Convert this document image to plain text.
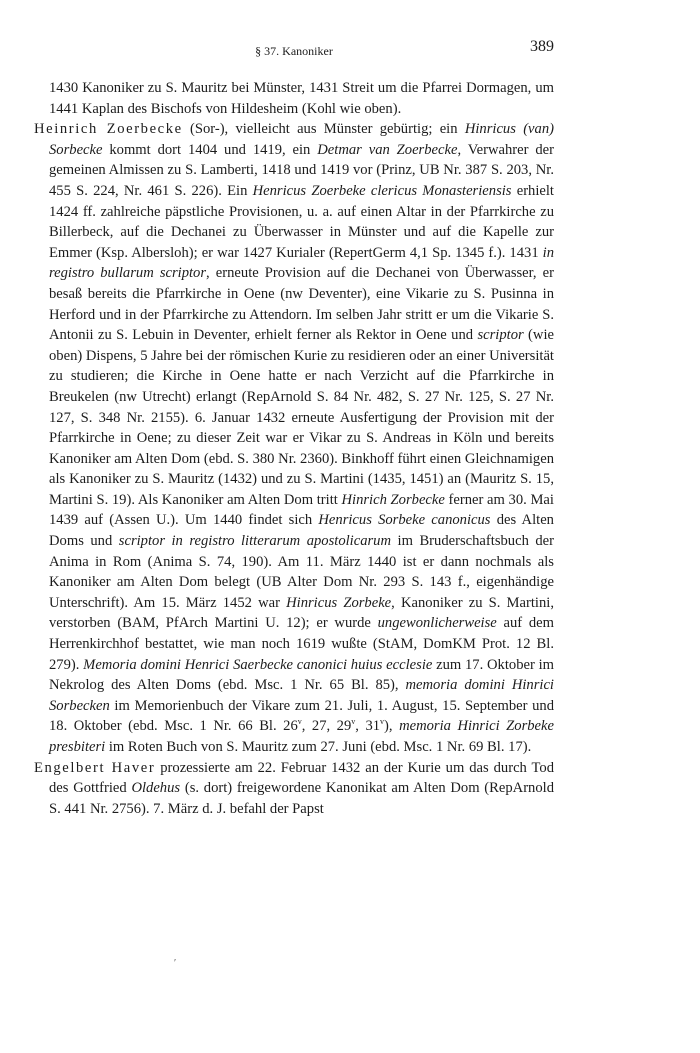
§ 37. Kanoniker	389

1430 Kanoniker zu S. Mauritz bei Münster, 1431 Streit um die Pfarrei Dormagen, um 1441 Kaplan des Bischofs von Hildesheim (Kohl wie oben).

Heinrich Zoerbecke (Sor-), vielleicht aus Münster gebürtig; ein Hinricus (van) Sorbecke kommt dort 1404 und 1419, ein Detmar van Zoerbecke, Verwahrer der gemeinen Almissen zu S. Lamberti, 1418 und 1419 vor (Prinz, UB Nr. 387 S. 203, Nr. 455 S. 224, Nr. 461 S. 226). Ein Henricus Zoerbeke clericus Monasteriensis erhielt 1424 ff. zahlreiche päpstliche Provisionen, u. a. auf einen Altar in der Pfarrkirche zu Billerbeck, auf die Dechanei zu Überwasser in Münster und auf die Kapelle zur Emmer (Ksp. Albersloh); er war 1427 Kurialer (RepertGerm 4,1 Sp. 1345 f.). 1431 in registro bullarum scriptor, erneute Provision auf die Dechanei von Überwasser, er besaß bereits die Pfarrkirche in Oene (nw Deventer), eine Vikarie zu S. Pusinna in Herford und in der Pfarrkirche zu Attendorn. Im selben Jahr stritt er um die Vikarie S. Antonii zu S. Lebuin in Deventer, erhielt ferner als Rektor in Oene und scriptor (wie oben) Dispens, 5 Jahre bei der römischen Kurie zu residieren oder an einer Universität zu studieren; die Kirche in Oene hatte er nach Verzicht auf die Pfarrkirche in Breukelen (nw Utrecht) erlangt (RepArnold S. 84 Nr. 482, S. 27 Nr. 125, S. 27 Nr. 127, S. 348 Nr. 2155). 6. Januar 1432 erneute Ausfertigung der Provision mit der Pfarrkirche in Oene; zu dieser Zeit war er Vikar zu S. Andreas in Köln und bereits Kanoniker am Alten Dom (ebd. S. 380 Nr. 2360). Binkhoff führt einen Gleichnamigen als Kanoniker zu S. Mauritz (1432) und zu S. Martini (1435, 1451) an (Mauritz S. 15, Martini S. 19). Als Kanoniker am Alten Dom tritt Hinrich Zorbecke ferner am 30. Mai 1439 auf (Assen U.). Um 1440 findet sich Henricus Sorbeke canonicus des Alten Doms und scriptor in registro litterarum apostolicarum im Bruderschaftsbuch der Anima in Rom (Anima S. 74, 190). Am 11. März 1440 ist er dann nochmals als Kanoniker am Alten Dom belegt (UB Alter Dom Nr. 293 S. 143 f., eigenhändige Unterschrift). Am 15. März 1452 war Hinricus Zorbeke, Kanoniker zu S. Martini, verstorben (BAM, PfArch Martini U. 12); er wurde ungewonlicherweise auf dem Herrenkirchhof bestattet, wie man noch 1619 wußte (StAM, DomKM Prot. 12 Bl. 279). Memoria domini Henrici Saerbecke canonici huius ecclesie zum 17. Oktober im Nekrolog des Alten Doms (ebd. Msc. 1 Nr. 65 Bl. 85), memoria domini Hinrici Sorbecken im Memorienbuch der Vikare zum 21. Juli, 1. August, 15. September und 18. Oktober (ebd. Msc. 1 Nr. 66 Bl. 26$^v$, 27, 29$^v$, 31$^v$), memoria Hinrici Zorbeke presbiteri im Roten Buch von S. Mauritz zum 27. Juni (ebd. Msc. 1 Nr. 69 Bl. 17).

Engelbert Haver prozessierte am 22. Februar 1432 an der Kurie um das durch Tod des Gottfried Oldehus (s. dort) freigewordene Kanonikat am Alten Dom (RepArnold S. 441 Nr. 2756). 7. März d. J. befahl der Papst

ʹ
